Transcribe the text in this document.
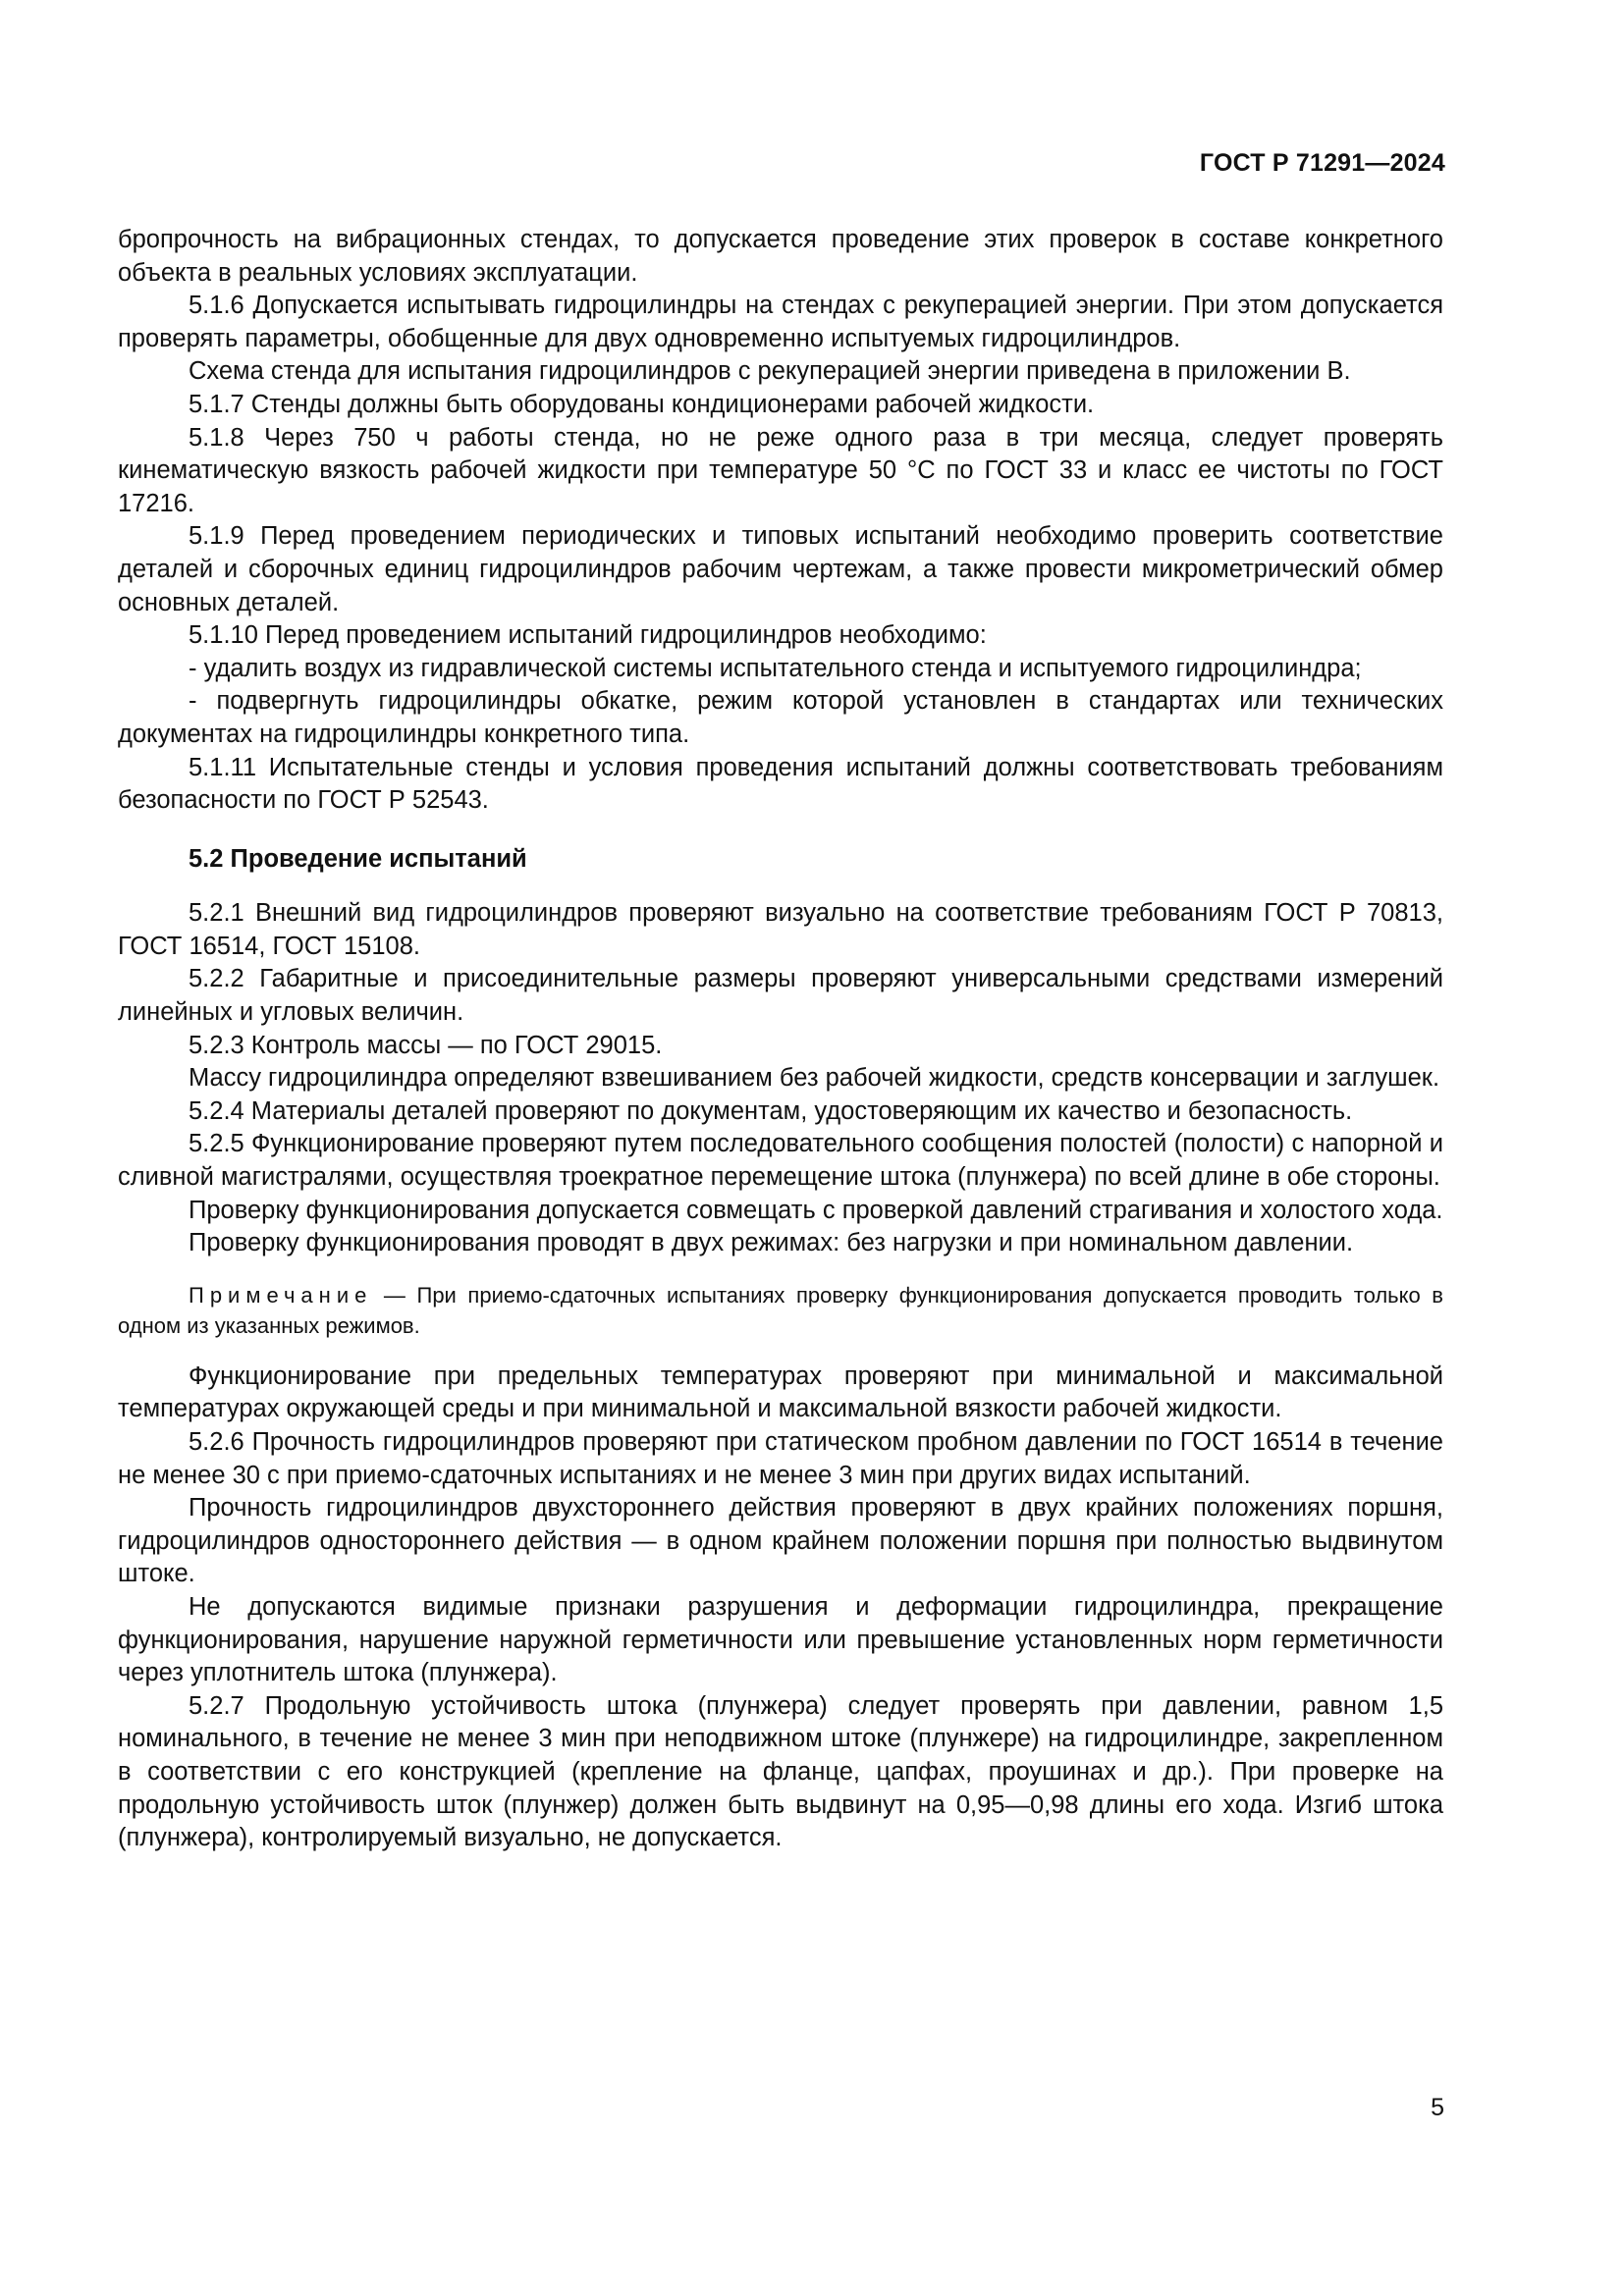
ГОСТ Р 71291—2024

бропрочность на вибрационных стендах, то допускается проведение этих проверок в составе конкретного объекта в реальных условиях эксплуатации.

5.1.6 Допускается испытывать гидроцилиндры на стендах с рекуперацией энергии. При этом допускается проверять параметры, обобщенные для двух одновременно испытуемых гидроцилиндров.

Схема стенда для испытания гидроцилиндров с рекуперацией энергии приведена в приложении В.

5.1.7 Стенды должны быть оборудованы кондиционерами рабочей жидкости.

5.1.8 Через 750 ч работы стенда, но не реже одного раза в три месяца, следует проверять кинематическую вязкость рабочей жидкости при температуре 50 °С по ГОСТ 33 и класс ее чистоты по ГОСТ 17216.

5.1.9 Перед проведением периодических и типовых испытаний необходимо проверить соответствие деталей и сборочных единиц гидроцилиндров рабочим чертежам, а также провести микрометрический обмер основных деталей.

5.1.10 Перед проведением испытаний гидроцилиндров необходимо:

- удалить воздух из гидравлической системы испытательного стенда и испытуемого гидроцилиндра;

- подвергнуть гидроцилиндры обкатке, режим которой установлен в стандартах или технических документах на гидроцилиндры конкретного типа.

5.1.11 Испытательные стенды и условия проведения испытаний должны соответствовать требованиям безопасности по ГОСТ Р 52543.

5.2 Проведение испытаний

5.2.1 Внешний вид гидроцилиндров проверяют визуально на соответствие требованиям ГОСТ Р 70813, ГОСТ 16514, ГОСТ 15108.

5.2.2 Габаритные и присоединительные размеры проверяют универсальными средствами измерений линейных и угловых величин.

5.2.3 Контроль массы — по ГОСТ 29015.

Массу гидроцилиндра определяют взвешиванием без рабочей жидкости, средств консервации и заглушек.

5.2.4 Материалы деталей проверяют по документам, удостоверяющим их качество и безопасность.

5.2.5 Функционирование проверяют путем последовательного сообщения полостей (полости) с напорной и сливной магистралями, осуществляя троекратное перемещение штока (плунжера) по всей длине в обе стороны.

Проверку функционирования допускается совмещать с проверкой давлений страгивания и холостого хода.

Проверку функционирования проводят в двух режимах: без нагрузки и при номинальном давлении.

Примечание — При приемо-сдаточных испытаниях проверку функционирования допускается проводить только в одном из указанных режимов.

Функционирование при предельных температурах проверяют при минимальной и максимальной температурах окружающей среды и при минимальной и максимальной вязкости рабочей жидкости.

5.2.6 Прочность гидроцилиндров проверяют при статическом пробном давлении по ГОСТ 16514 в течение не менее 30 с при приемо-сдаточных испытаниях и не менее 3 мин при других видах испытаний.

Прочность гидроцилиндров двухстороннего действия проверяют в двух крайних положениях поршня, гидроцилиндров одностороннего действия — в одном крайнем положении поршня при полностью выдвинутом штоке.

Не допускаются видимые признаки разрушения и деформации гидроцилиндра, прекращение функционирования, нарушение наружной герметичности или превышение установленных норм герметичности через уплотнитель штока (плунжера).

5.2.7 Продольную устойчивость штока (плунжера) следует проверять при давлении, равном 1,5 номинального, в течение не менее 3 мин при неподвижном штоке (плунжере) на гидроцилиндре, закрепленном в соответствии с его конструкцией (крепление на фланце, цапфах, проушинах и др.). При проверке на продольную устойчивость шток (плунжер) должен быть выдвинут на 0,95—0,98 длины его хода. Изгиб штока (плунжера), контролируемый визуально, не допускается.

5
